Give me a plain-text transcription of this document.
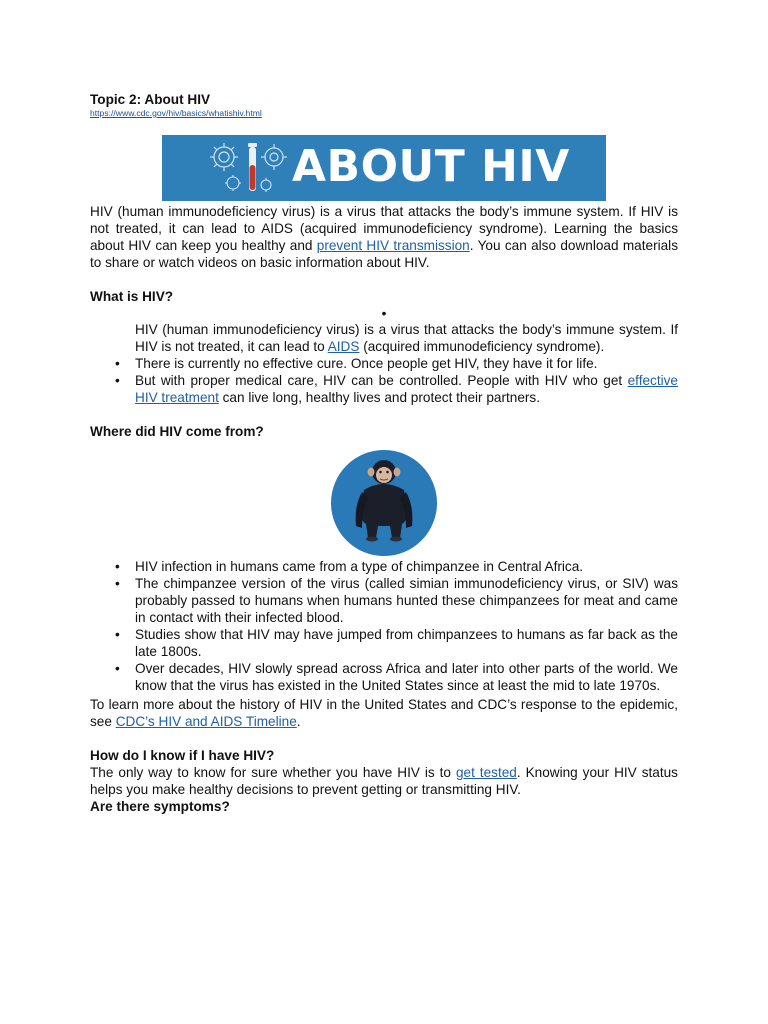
Topic 2: About HIV
https://www.cdc.gov/hiv/basics/whatishiv.html
ABOUT HIV

HIV (human immunodeficiency virus) is a virus that attacks the body’s immune system. If HIV is not treated, it can lead to AIDS (acquired immunodeficiency syndrome). Learning the basics about HIV can keep you healthy and prevent HIV transmission. You can also download materials to share or watch videos on basic information about HIV.

What is HIV?
•
HIV (human immunodeficiency virus) is a virus that attacks the body’s immune system. If HIV is not treated, it can lead to AIDS (acquired immunodeficiency syndrome).
• There is currently no effective cure. Once people get HIV, they have it for life.
• But with proper medical care, HIV can be controlled. People with HIV who get effective HIV treatment can live long, healthy lives and protect their partners.
Where did HIV come from?
• HIV infection in humans came from a type of chimpanzee in Central Africa.
• The chimpanzee version of the virus (called simian immunodeficiency virus, or SIV) was probably passed to humans when humans hunted these chimpanzees for meat and came in contact with their infected blood.
• Studies show that HIV may have jumped from chimpanzees to humans as far back as the late 1800s.
• Over decades, HIV slowly spread across Africa and later into other parts of the world. We know that the virus has existed in the United States since at least the mid to late 1970s.

To learn more about the history of HIV in the United States and CDC’s response to the epidemic, see CDC’s HIV and AIDS Timeline.

How do I know if I have HIV?

The only way to know for sure whether you have HIV is to get tested. Knowing your HIV status helps you make healthy decisions to prevent getting or transmitting HIV.

Are there symptoms?
